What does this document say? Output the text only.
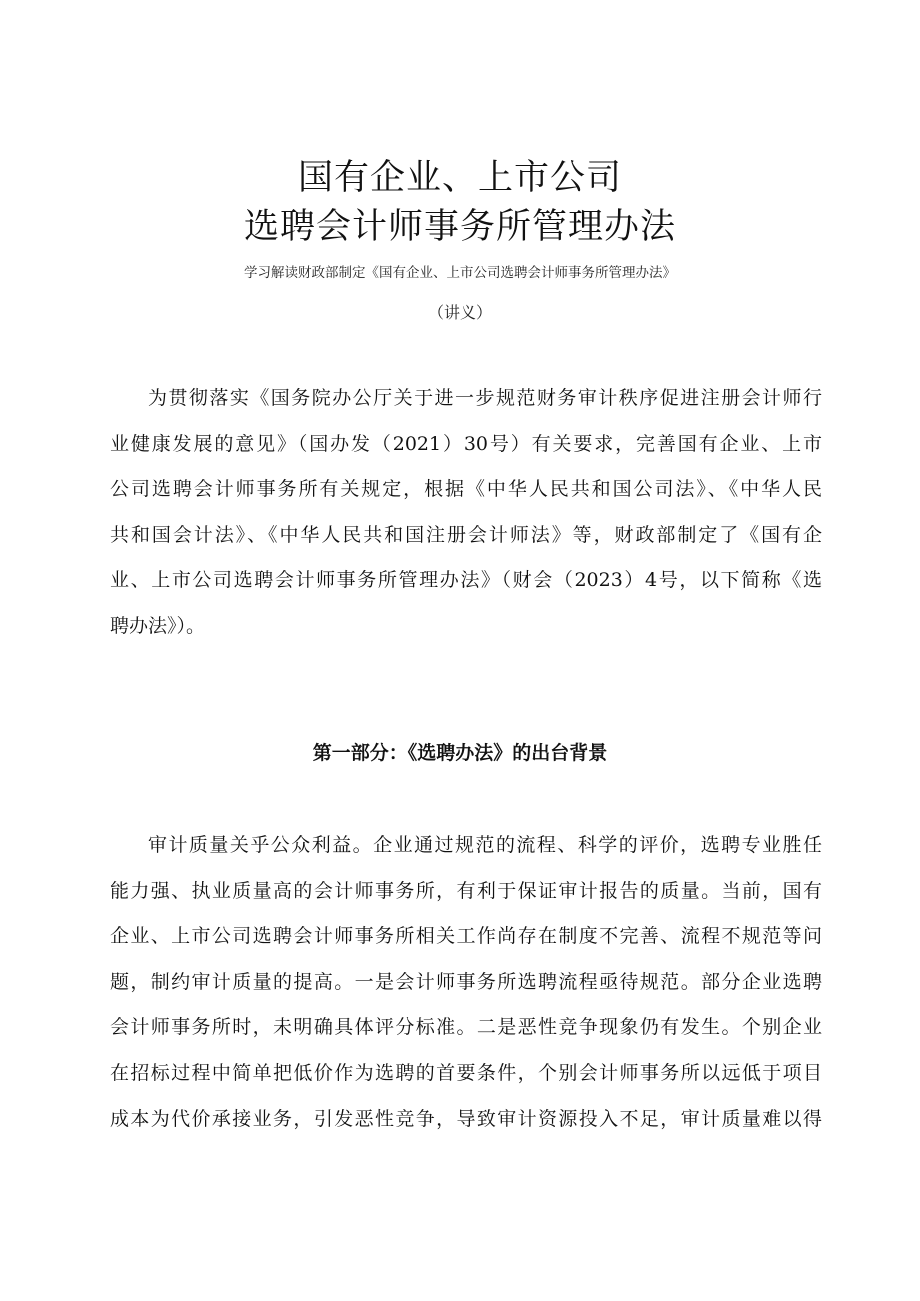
国有企业、上市公司
选聘会计师事务所管理办法
学习解读财政部制定《国有企业、上市公司选聘会计师事务所管理办法》
（讲义）
为贯彻落实《国务院办公厅关于进一步规范财务审计秩序促进注册会计师行
业健康发展的意见》（国办发（2021）30号）有关要求，完善国有企业、上市
公司选聘会计师事务所有关规定，根据《中华人民共和国公司法》、《中华人民
共和国会计法》、《中华人民共和国注册会计师法》等，财政部制定了《国有企
业、上市公司选聘会计师事务所管理办法》（财会（2023）4号，以下简称《选
聘办法》）。
第一部分：《选聘办法》的出台背景
审计质量关乎公众利益。企业通过规范的流程、科学的评价，选聘专业胜任
能力强、执业质量高的会计师事务所，有利于保证审计报告的质量。当前，国有
企业、上市公司选聘会计师事务所相关工作尚存在制度不完善、流程不规范等问
题，制约审计质量的提高。一是会计师事务所选聘流程亟待规范。部分企业选聘
会计师事务所时，未明确具体评分标准。二是恶性竞争现象仍有发生。个别企业
在招标过程中简单把低价作为选聘的首要条件，个别会计师事务所以远低于项目
成本为代价承接业务，引发恶性竞争，导致审计资源投入不足，审计质量难以得
